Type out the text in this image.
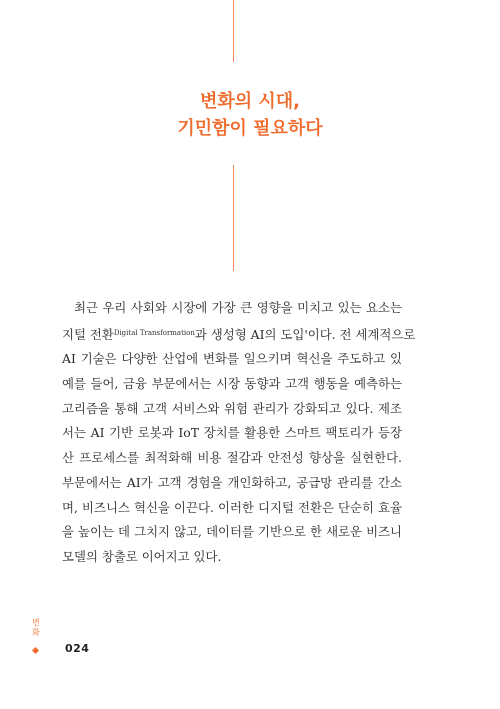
변화의 시대,
기민함이 필요하다
최근 우리 사회와 시장에 가장 큰 영향을 미치고 있는 요소는
지털 전환$^{Digital Transformation}$과 생성형 AI의 도입'이다. 전 세계적으로
AI 기술은 다양한 산업에 변화를 일으키며 혁신을 주도하고 있
예를 들어, 금융 부문에서는 시장 동향과 고객 행동을 예측하는
고리즘을 통해 고객 서비스와 위험 관리가 강화되고 있다. 제조
서는 AI 기반 로봇과 IoT 장치를 활용한 스마트 팩토리가 등장
산 프로세스를 최적화해 비용 절감과 안전성 향상을 실현한다.
부문에서는 AI가 고객 경험을 개인화하고, 공급망 관리를 간소
며, 비즈니스 혁신을 이끈다. 이러한 디지털 전환은 단순히 효율
을 높이는 데 그치지 않고, 데이터를 기반으로 한 새로운 비즈니
모델의 창출로 이어지고 있다.
변
화
024
